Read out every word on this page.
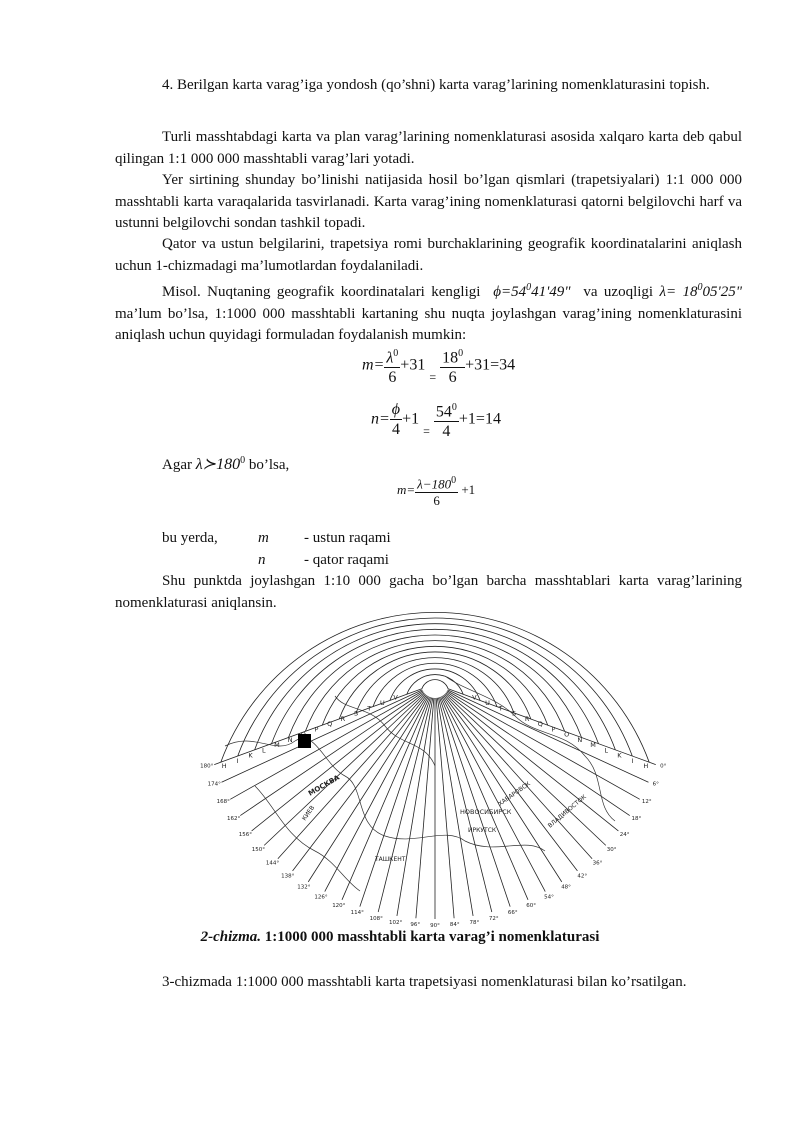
4. Berilgan karta varag’iga yondosh (qo’shni) karta varag’larining nomenklaturasini topish.

Turli masshtabdagi karta va plan varag’larining nomenklaturasi asosida xalqaro karta deb qabul qilingan 1:1 000 000 masshtabli varag’lari yotadi.

Yer sirtining shunday bo’linishi natijasida hosil bo’lgan qismlari (trapetsiyalari) 1:1 000 000 masshtabli karta varaqalarida tasvirlanadi. Karta varag’ining nomenklaturasi qatorni belgilovchi harf va ustunni belgilovchi sondan tashkil topadi.

Qator va ustun belgilarini, trapetsiya romi burchaklarining geografik koordinatalarini aniqlash uchun 1-chizmadagi ma’lumotlardan foydalaniladi.

Misol. Nuqtaning geografik koordinatalari kengligi $\phi=54^041'49$" va uzoqligi $\lambda= 18^005'25$" ma’lum bo’lsa, 1:1000 000 masshtabli kartaning shu nuqta joylashgan varag’ining nomenklaturasini aniqlash uchun quyidagi formuladan foydalanish mumkin:

$m= \frac{\lambda^0}{6} +31$ $_= \frac{18^0}{6} +31=34$
$n= \frac{\phi}{4} +1$ $_= \frac{54^0}{4} +1=14$
Agar $\lambda≻180^0$ bo’lsa,
$m= \frac{\lambda-180^0}{6} +1$
bu yerda,	m - ustun raqami
n	- qator raqami

Shu punktda joylashgan 1:10 000 gacha bo’lgan barcha masshtablari karta varag’larining nomenklaturasi aniqlansin.

0°
6°
12°
18°
24°
30°
36°
42°
48°
54°
60°
66°
72°
78°
84°
90°
96°
102°
108°
114°
120°
126°
132°
138°
144°
150°
156°
162°
168°
174°
180°	H
I
K
L
M
N
O
P
Q
R
S
T
U
V
V
U
T
S
R
Q
P
N
M
L
K
I
H
МОСКВА
НОВОСИБИРСК
ИРКУТСК
ХАБАРОВСК	ВЛАДИВОСТОК
ТАШКЕНТ
КИЕВ
2-chizma. 1:1000 000 masshtabli karta varag’i nomenklaturasi

3-chizmada 1:1000 000 masshtabli karta trapetsiyasi nomenklaturasi bilan ko’rsatilgan.
